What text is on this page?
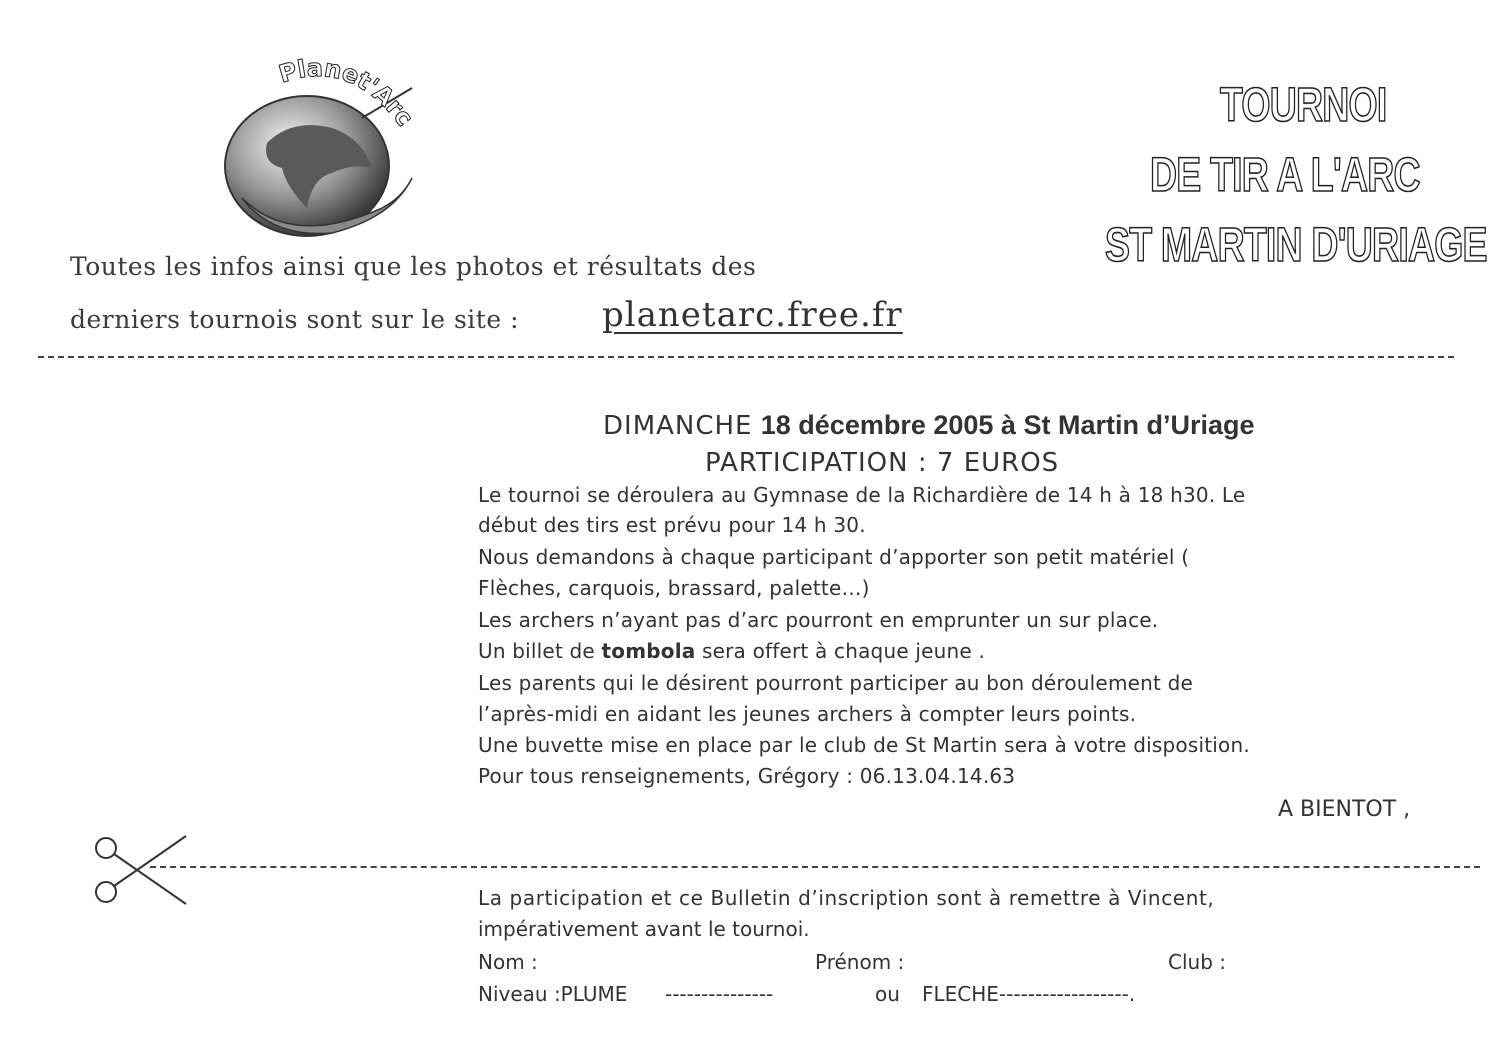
Planet'Arc	TOURNOI
DE TIR A L'ARC
ST MARTIN D'URIAGE
Toutes les infos ainsi que les photos et résultats des
derniers tournois sont sur le site : planetarc.free.fr
DIMANCHE 18 décembre 2005 à St Martin d’Uriage
PARTICIPATION : 7 EUROS
Le tournoi se déroulera au Gymnase de la Richardière de 14 h à 18 h30. Le
début des tirs est prévu pour 14 h 30.
Nous demandons à chaque participant d’apporter son petit matériel (
Flèches, carquois, brassard, palette…)
Les archers n’ayant pas d’arc pourront en emprunter un sur place.
Un billet de tombola sera offert à chaque jeune .
Les parents qui le désirent pourront participer au bon déroulement de
l’après-midi en aidant les jeunes archers à compter leurs points.
Une buvette mise en place par le club de St Martin sera à votre disposition.
Pour tous renseignements, Grégory : 06.13.04.14.63
A BIENTOT ,
La participation et ce Bulletin d’inscription sont à remettre à Vincent,
impérativement avant le tournoi.
Nom :	Prénom :	Club :
Niveau :PLUME ---------------	ou FLECHE------------------.
